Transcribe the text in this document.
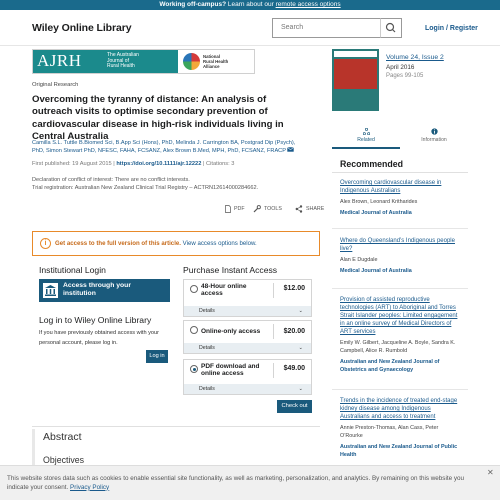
Working off-campus? Learn about our remote access options
Wiley Online Library	Search	Login / Register
AJRH	The Australian
Journal of
Rural Health
National
Rural Health
Alliance
Volume 24, Issue 2
April 2016
Pages 99-105
Original Research
Overcoming the tyranny of distance: An analysis of outreach visits to optimise secondary prevention of cardiovascular disease in high-risk individuals living in Central Australia
Camilla S.L. Tuttle B.Biomed Sci, B.App Sci (Hons), PhD, Melinda J. Carrington BA, Postgrad Dip (Psych),
PhD, Simon Stewart PhD, NFESC, FAHA, FCSANZ, Alex Brown B.Med, MPH, PhD, FCSANZ, FRACP
First published: 19 August 2015 | https://doi.org/10.1111/ajr.12222 | Citations: 3
Declaration of conflict of interest: There are no conflict interests.
Trial registration: Australian New Zealand Clinical Trial Registry – ACTRN12614000284662.
PDF	TOOLS	SHARE
i	Get access to the full version of this article. View access options below.
Institutional Login
Access through your
institution
Log in to Wiley Online Library
If you have previously obtained access with your personal account, please log in.
Log in
Purchase Instant Access
48-Hour online
access
$12.00
Details	⌄
Online-only access	$20.00
Details	⌄
PDF download and
online access
$49.00
Details	⌄
Check out
Abstract
Objectives
Related	Information
Recommended
Overcoming cardiovascular disease in Indigenous Australians
Alex Brown, Leonard Kritharides
Medical Journal of Australia
Where do Queensland’s Indigenous people live?
Alan E Dugdale
Medical Journal of Australia
Provision of assisted reproductive technologies (ART) to Aboriginal and Torres Strait Islander peoples: Limited engagement in an online survey of Medical Directors of ART services
Emily W. Gilbert, Jacqueline A. Boyle, Sandra K. Campbell, Alice R. Rumbold
Australian and New Zealand Journal of Obstetrics and Gynaecology
Trends in the incidence of treated end-stage kidney disease among Indigenous Australians and access to treatment
Annie Preston-Thomas, Alan Cass, Peter O’Rourke
Australian and New Zealand Journal of Public Health
✕
This website stores data such as cookies to enable essential site functionality, as well as marketing, personalization, and analytics. By remaining on this website you indicate your consent. Privacy Policy
